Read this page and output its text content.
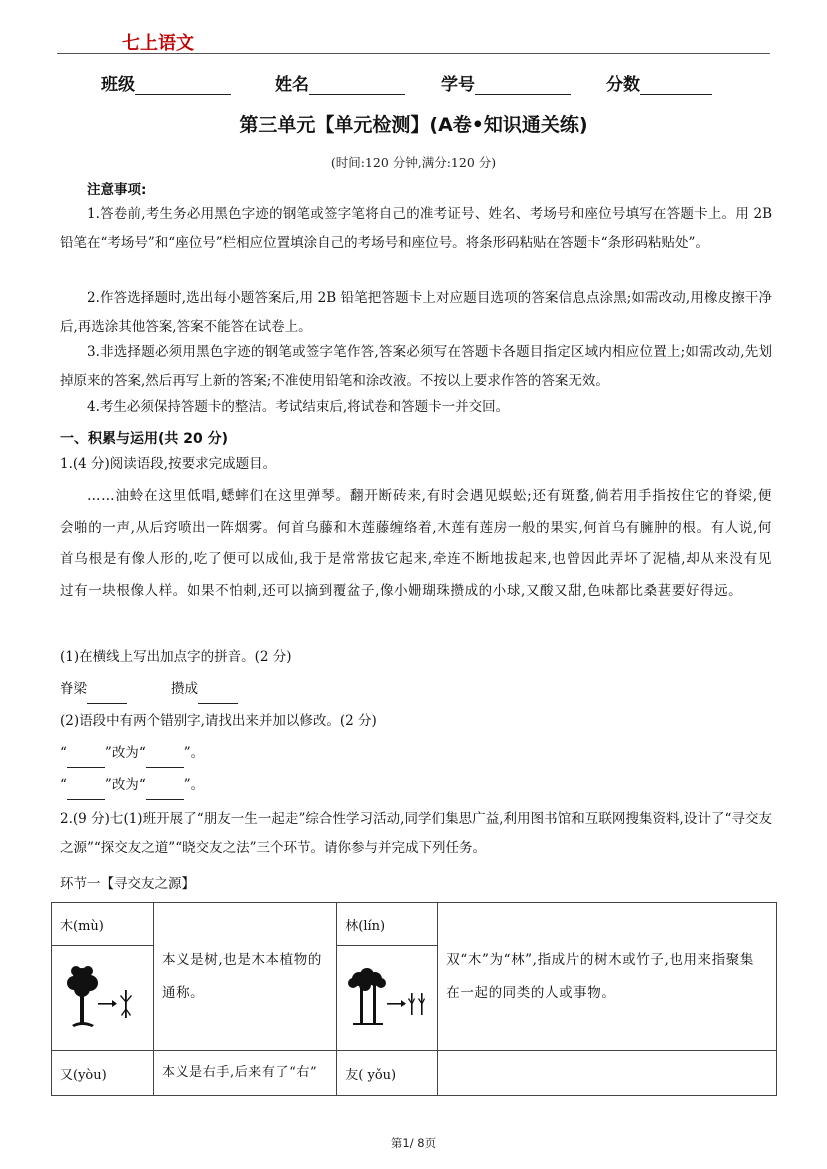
七上语文
班级	姓名	学号	分数
第三单元【单元检测】(A卷•知识通关练)
(时间:120 分钟,满分:120 分)
注意事项:
1.答卷前,考生务必用黑色字迹的钢笔或签字笔将自己的准考证号、姓名、考场号和座位号填写在答题卡上。用 2B 铅笔在“考场号”和“座位号”栏相应位置填涂自己的考场号和座位号。将条形码粘贴在答题卡“条形码粘贴处”。
2.作答选择题时,选出每小题答案后,用 2B 铅笔把答题卡上对应题目选项的答案信息点涂黑;如需改动,用橡皮擦干净后,再选涂其他答案,答案不能答在试卷上。
3.非选择题必须用黑色字迹的钢笔或签字笔作答,答案必须写在答题卡各题目指定区域内相应位置上;如需改动,先划掉原来的答案,然后再写上新的答案;不准使用铅笔和涂改液。不按以上要求作答的答案无效。
4.考生必须保持答题卡的整洁。考试结束后,将试卷和答题卡一并交回。
一、积累与运用(共 20 分)
1.(4 分)阅读语段,按要求完成题目。
……油蛉在这里低唱,蟋蟀们在这里弹琴。翻开断砖来,有时会遇见蜈蚣;还有斑蝥,倘若用手指按住它的脊梁,便会啪的一声,从后窍喷出一阵烟雾。何首乌藤和木莲藤缠络着,木莲有莲房一般的果实,何首乌有臃肿的根。有人说,何首乌根是有像人形的,吃了便可以成仙,我于是常常拔它起来,牵连不断地拔起来,也曾因此弄坏了泥樯,却从来没有见过有一块根像人样。如果不怕刺,还可以摘到覆盆子,像小姗瑚珠攒成的小球,又酸又甜,色味都比桑葚要好得远。
(1)在横线上写出加点字的拼音。(2 分)
脊梁	攒成
(2)语段中有两个错别字,请找出来并加以修改。(2 分)
“	”改为“	”。
“	”改为“	”。
2.(9 分)七(1)班开展了“朋友一生一起走”综合性学习活动,同学们集思广益,利用图书馆和互联网搜集资料,设计了“寻交友之源”“探交友之道”“晓交友之法”三个环节。请你参与并完成下列任务。
环节一【寻交友之源】
木(mù)	本义是树,也是木本植物的通称。	林(lín)	双“木”为“林”,指成片的树木或竹子,也用来指聚集在一起的同类的人或事物。

又(yòu)	本义是右手,后来有了“右”	友( yǒu)	
第1/ 8页
